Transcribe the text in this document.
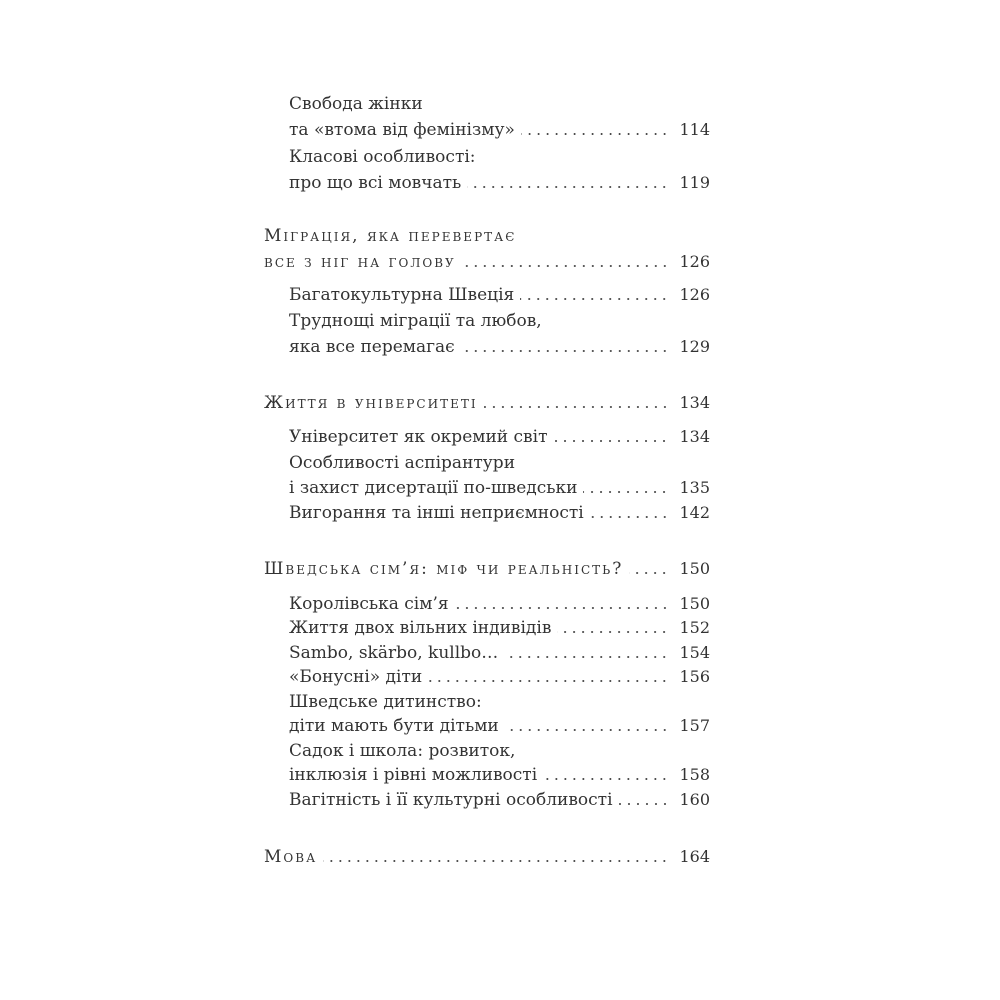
Свобода жінки
та «втома від фемінізму»	114
Класові особливості:
про що всі мовчать	119
Міграція, яка перевертає
все з ніг на голову	126
Багатокультурна Швеція	126
Труднощі міграції та любов,
яка все перемагає	129
Життя в університеті	134
Університет як окремий світ	134
Особливості аспірантури
і захист дисертації по-шведськи	135
Вигорання та інші неприємності	142
Шведська сім’я: міф чи реальність?	150
Королівська сім’я	150
Життя двох вільних індивідів	152
Sambo, skärbo, kullbo…	154
«Бонусні» діти	156
Шведське дитинство:
діти мають бути дітьми	157
Садок і школа: розвиток,
інклюзія і рівні можливості	158
Вагітність і її культурні особливості	160
Мова	164
